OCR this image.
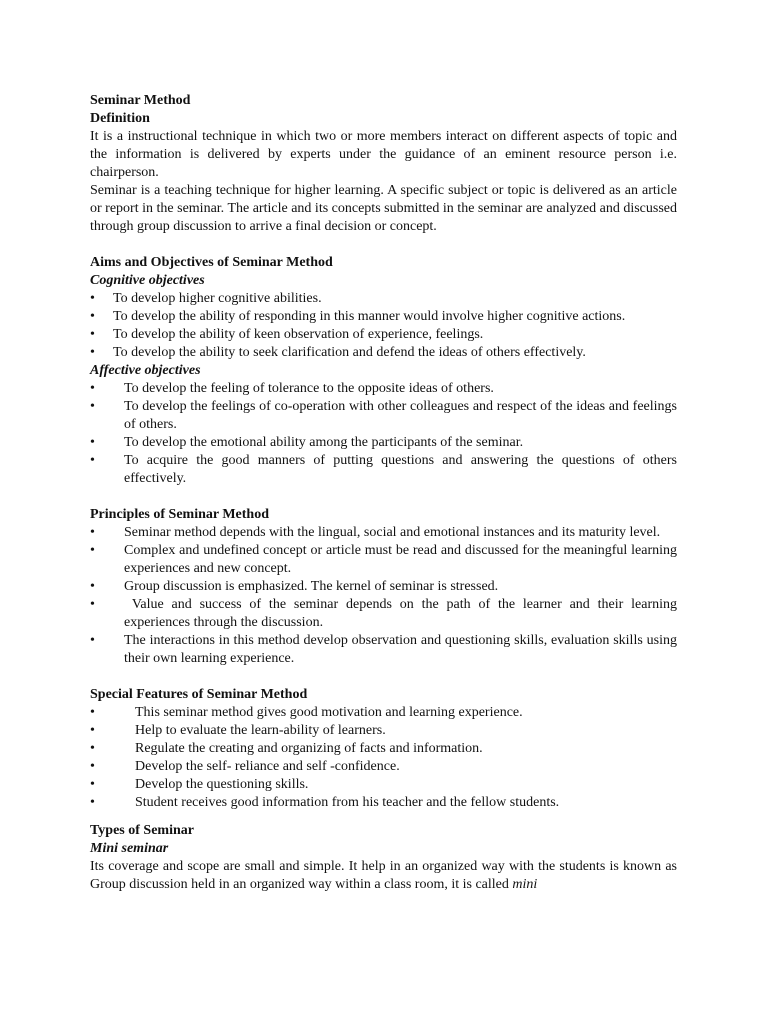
Seminar Method
Definition

It is a instructional technique in which two or more members interact on different aspects of topic and the information is delivered by experts under the guidance of an eminent resource person i.e. chairperson.

Seminar is a teaching technique for higher learning. A specific subject or topic is delivered as an article or report in the seminar. The article and its concepts submitted in the seminar are analyzed and discussed through group discussion to arrive a final decision or concept.

Aims and Objectives of Seminar Method
Cognitive objectives
• To develop higher cognitive abilities.
• To develop the ability of responding in this manner would involve higher cognitive actions.
• To develop the ability of keen observation of experience, feelings.
• To develop the ability to seek clarification and defend the ideas of others effectively.
Affective objectives
• To develop the feeling of tolerance to the opposite ideas of others.
• To develop the feelings of co-operation with other colleagues and respect of the ideas and feelings of others.
• To develop the emotional ability among the participants of the seminar.
• To acquire the good manners of putting questions and answering the questions of others effectively.
Principles of Seminar Method
• Seminar method depends with the lingual, social and emotional instances and its maturity level.
• Complex and undefined concept or article must be read and discussed for the meaningful learning experiences and new concept.
• Group discussion is emphasized. The kernel of seminar is stressed.
• Value and success of the seminar depends on the path of the learner and their learning experiences through the discussion.
• The interactions in this method develop observation and questioning skills, evaluation skills using their own learning experience.
Special Features of Seminar Method
•	This seminar method gives good motivation and learning experience.
•	Help to evaluate the learn-ability of learners.
•	Regulate the creating and organizing of facts and information.
•	Develop the self- reliance and self -confidence.
•	Develop the questioning skills.
•	Student receives good information from his teacher and the fellow students.
Types of Seminar
Mini seminar

Its coverage and scope are small and simple. It help in an organized way with the students is known as Group discussion held in an organized way within a class room, it is called mini
